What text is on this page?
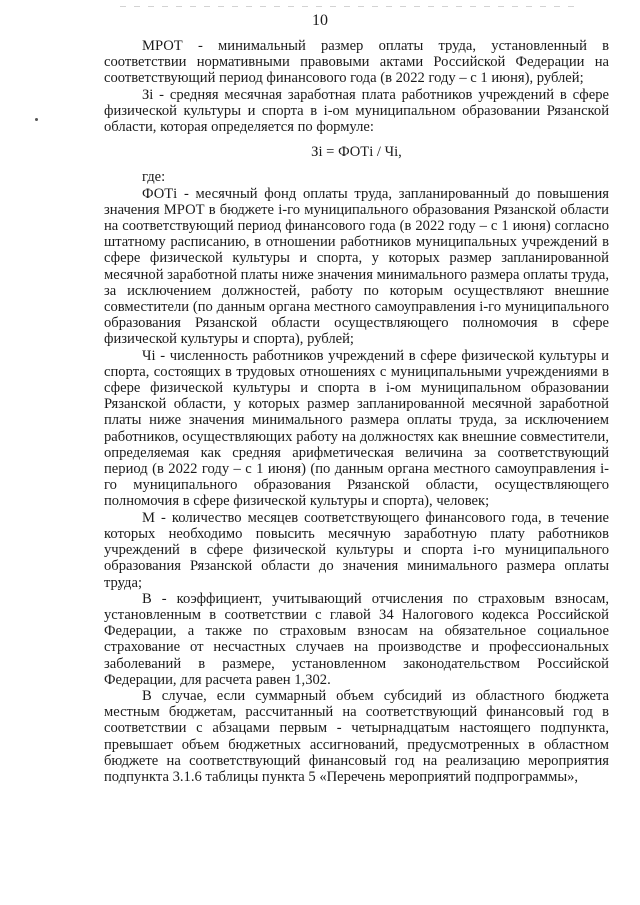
10

МРОТ - минимальный размер оплаты труда, установленный в соответствии нормативными правовыми актами Российской Федерации на соответствующий период финансового года (в 2022 году – с 1 июня), рублей;

Зі - средняя месячная заработная плата работников учреждений в сфере физической культуры и спорта в і-ом муниципальном образовании Рязанской области, которая определяется по формуле:

Зі = ФОТі / Чі,

где:

ФОТі - месячный фонд оплаты труда, запланированный до повышения значения МРОТ в бюджете і-го муниципального образования Рязанской области на соответствующий период финансового года (в 2022 году – с 1 июня) согласно штатному расписанию, в отношении работников муниципальных учреждений в сфере физической культуры и спорта, у которых размер запланированной месячной заработной платы ниже значения минимального размера оплаты труда, за исключением должностей, работу по которым осуществляют внешние совместители (по данным органа местного самоуправления і-го муниципального образования Рязанской области осуществляющего полномочия в сфере физической культуры и спорта), рублей;

Чі - численность работников учреждений в сфере физической культуры и спорта, состоящих в трудовых отношениях с муниципальными учреждениями в сфере физической культуры и спорта в і-ом муниципальном образовании Рязанской области, у которых размер запланированной месячной заработной платы ниже значения минимального размера оплаты труда, за исключением работников, осуществляющих работу на должностях как внешние совместители, определяемая как средняя арифметическая величина за соответствующий период (в 2022 году – с 1 июня) (по данным органа местного самоуправления і-го муниципального образования Рязанской области, осуществляющего полномочия в сфере физической культуры и спорта), человек;

М - количество месяцев соответствующего финансового года, в течение которых необходимо повысить месячную заработную плату работников учреждений в сфере физической культуры и спорта і-го муниципального образования Рязанской области до значения минимального размера оплаты труда;

В - коэффициент, учитывающий отчисления по страховым взносам, установленным в соответствии с главой 34 Налогового кодекса Российской Федерации, а также по страховым взносам на обязательное социальное страхование от несчастных случаев на производстве и профессиональных заболеваний в размере, установленном законодательством Российской Федерации, для расчета равен 1,302.

В случае, если суммарный объем субсидий из областного бюджета местным бюджетам, рассчитанный на соответствующий финансовый год в соответствии с абзацами первым - четырнадцатым настоящего подпункта, превышает объем бюджетных ассигнований, предусмотренных в областном бюджете на соответствующий финансовый год на реализацию мероприятия подпункта 3.1.6 таблицы пункта 5 «Перечень мероприятий подпрограммы»,
